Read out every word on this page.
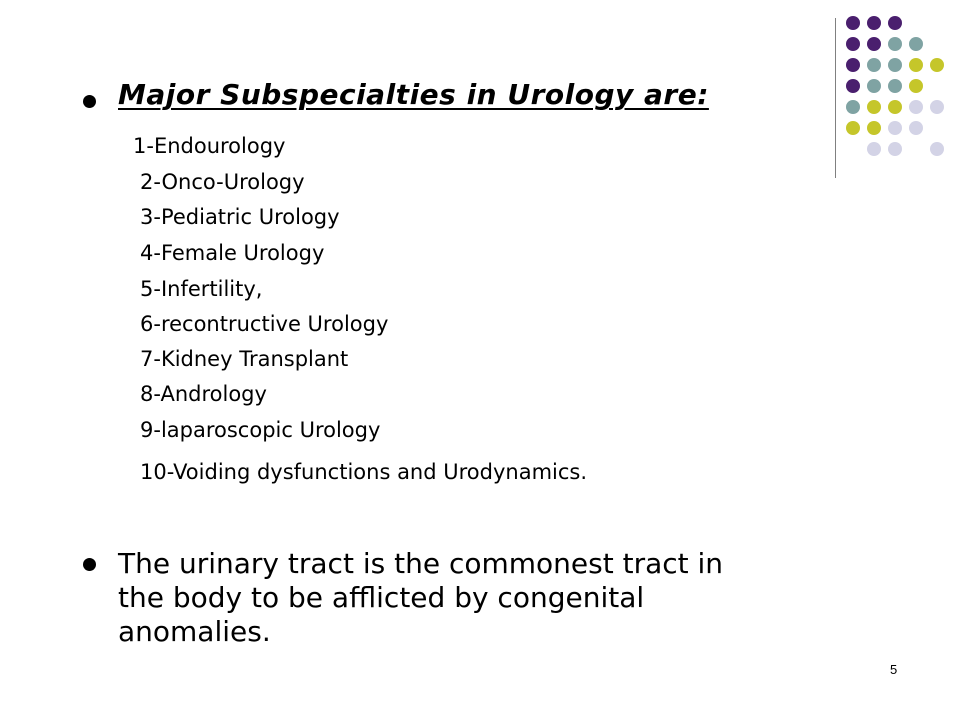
Major Subspecialties in Urology are:
1-Endourology
2-Onco-Urology
3-Pediatric Urology
4-Female Urology
5-Infertility,
6-recontructive Urology
7-Kidney Transplant
8-Andrology
9-laparoscopic Urology
10-Voiding dysfunctions and Urodynamics.
The urinary tract is the commonest tract in the body to be afflicted by congenital anomalies.
5
